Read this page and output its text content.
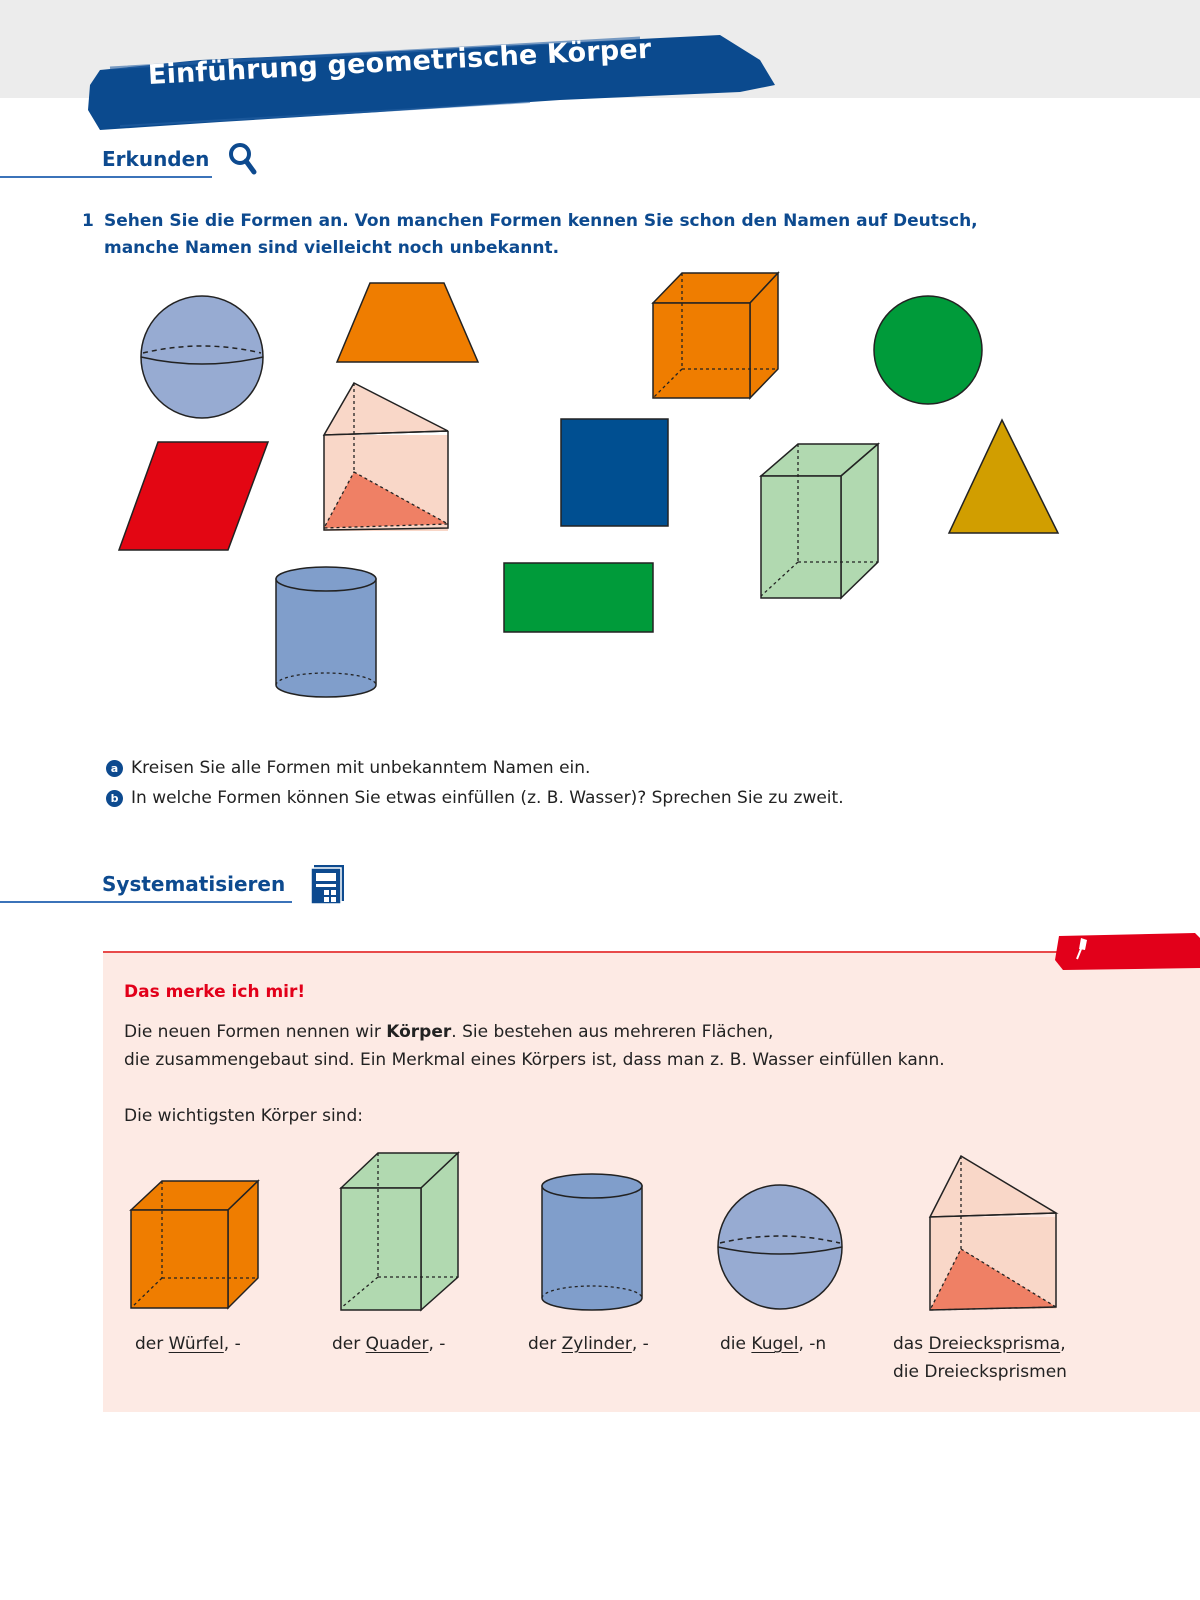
Einführung geometrische Körper
Erkunden
1 Sehen Sie die Formen an. Von manchen Formen kennen Sie schon den Namen auf Deutsch, manche Namen sind vielleicht noch unbekannt.
a Kreisen Sie alle Formen mit unbekanntem Namen ein.
b In welche Formen können Sie etwas einfüllen (z. B. Wasser)? Sprechen Sie zu zweit.
Systematisieren
Das merke ich mir!
Die neuen Formen nennen wir Körper. Sie bestehen aus mehreren Flächen,
die zusammengebaut sind. Ein Merkmal eines Körpers ist, dass man z. B. Wasser einfüllen kann.
Die wichtigsten Körper sind:
der Würfel, -	der Quader, -	der Zylinder, -	die Kugel, -n	das Dreiecksprisma,
die Dreiecksprismen
